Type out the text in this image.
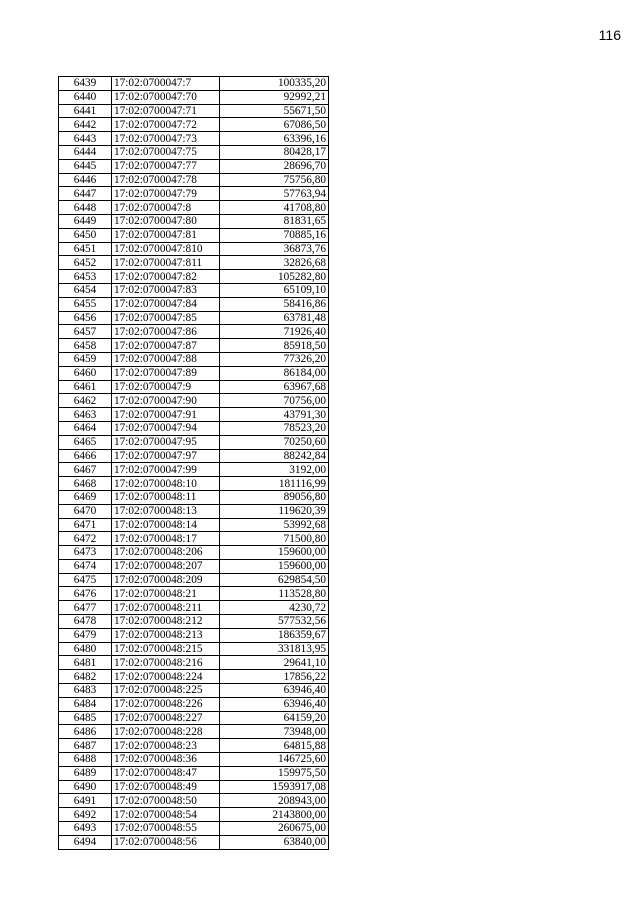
116
6439	17:02:0700047:7	100335,20
6440	17:02:0700047:70	92992,21
6441	17:02:0700047:71	55671,50
6442	17:02:0700047:72	67086,50
6443	17:02:0700047:73	63396,16
6444	17:02:0700047:75	80428,17
6445	17:02:0700047:77	28696,70
6446	17:02:0700047:78	75756,80
6447	17:02:0700047:79	57763,94
6448	17:02:0700047:8	41708,80
6449	17:02:0700047:80	81831,65
6450	17:02:0700047:81	70885,16
6451	17:02:0700047:810	36873,76
6452	17:02:0700047:811	32826,68
6453	17:02:0700047:82	105282,80
6454	17:02:0700047:83	65109,10
6455	17:02:0700047:84	58416,86
6456	17:02:0700047:85	63781,48
6457	17:02:0700047:86	71926,40
6458	17:02:0700047:87	85918,50
6459	17:02:0700047:88	77326,20
6460	17:02:0700047:89	86184,00
6461	17:02:0700047:9	63967,68
6462	17:02:0700047:90	70756,00
6463	17:02:0700047:91	43791,30
6464	17:02:0700047:94	78523,20
6465	17:02:0700047:95	70250,60
6466	17:02:0700047:97	88242,84
6467	17:02:0700047:99	3192,00
6468	17:02:0700048:10	181116,99
6469	17:02:0700048:11	89056,80
6470	17:02:0700048:13	119620,39
6471	17:02:0700048:14	53992,68
6472	17:02:0700048:17	71500,80
6473	17:02:0700048:206	159600,00
6474	17:02:0700048:207	159600,00
6475	17:02:0700048:209	629854,50
6476	17:02:0700048:21	113528,80
6477	17:02:0700048:211	4230,72
6478	17:02:0700048:212	577532,56
6479	17:02:0700048:213	186359,67
6480	17:02:0700048:215	331813,95
6481	17:02:0700048:216	29641,10
6482	17:02:0700048:224	17856,22
6483	17:02:0700048:225	63946,40
6484	17:02:0700048:226	63946,40
6485	17:02:0700048:227	64159,20
6486	17:02:0700048:228	73948,00
6487	17:02:0700048:23	64815,88
6488	17:02:0700048:36	146725,60
6489	17:02:0700048:47	159975,50
6490	17:02:0700048:49	1593917,08
6491	17:02:0700048:50	208943,00
6492	17:02:0700048:54	2143800,00
6493	17:02:0700048:55	260675,00
6494	17:02:0700048:56	63840,00
